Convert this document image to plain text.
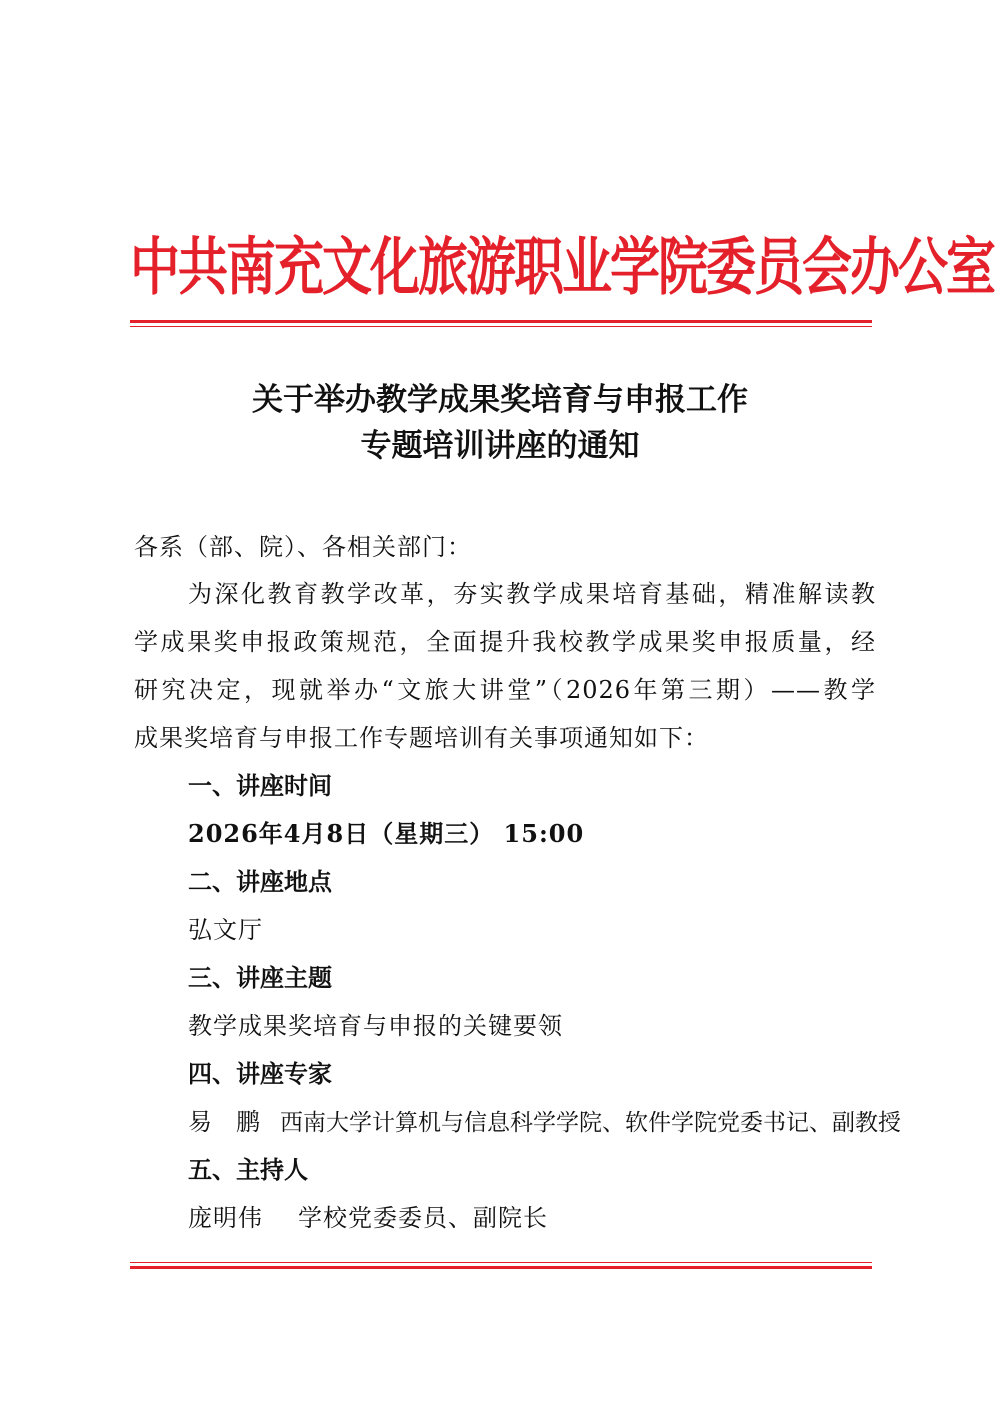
中共南充文化旅游职业学院委员会办公室
关于举办教学成果奖培育与申报工作
专题培训讲座的通知
各系（部、院）、各相关部门：
为深化教育教学改革，夯实教学成果培育基础，精准解读教
学成果奖申报政策规范，全面提升我校教学成果奖申报质量，经
研究决定，现就举办“文旅大讲堂”（2026年第三期）——教学
成果奖培育与申报工作专题培训有关事项通知如下：
一、讲座时间
2026年4月8日（星期三） 15:00
二、讲座地点
弘文厅
三、讲座主题
教学成果奖培育与申报的关键要领
四、讲座专家
易　鹏 西南大学计算机与信息科学学院、软件学院党委书记、副教授
五、主持人
庞明伟 学校党委委员、副院长
